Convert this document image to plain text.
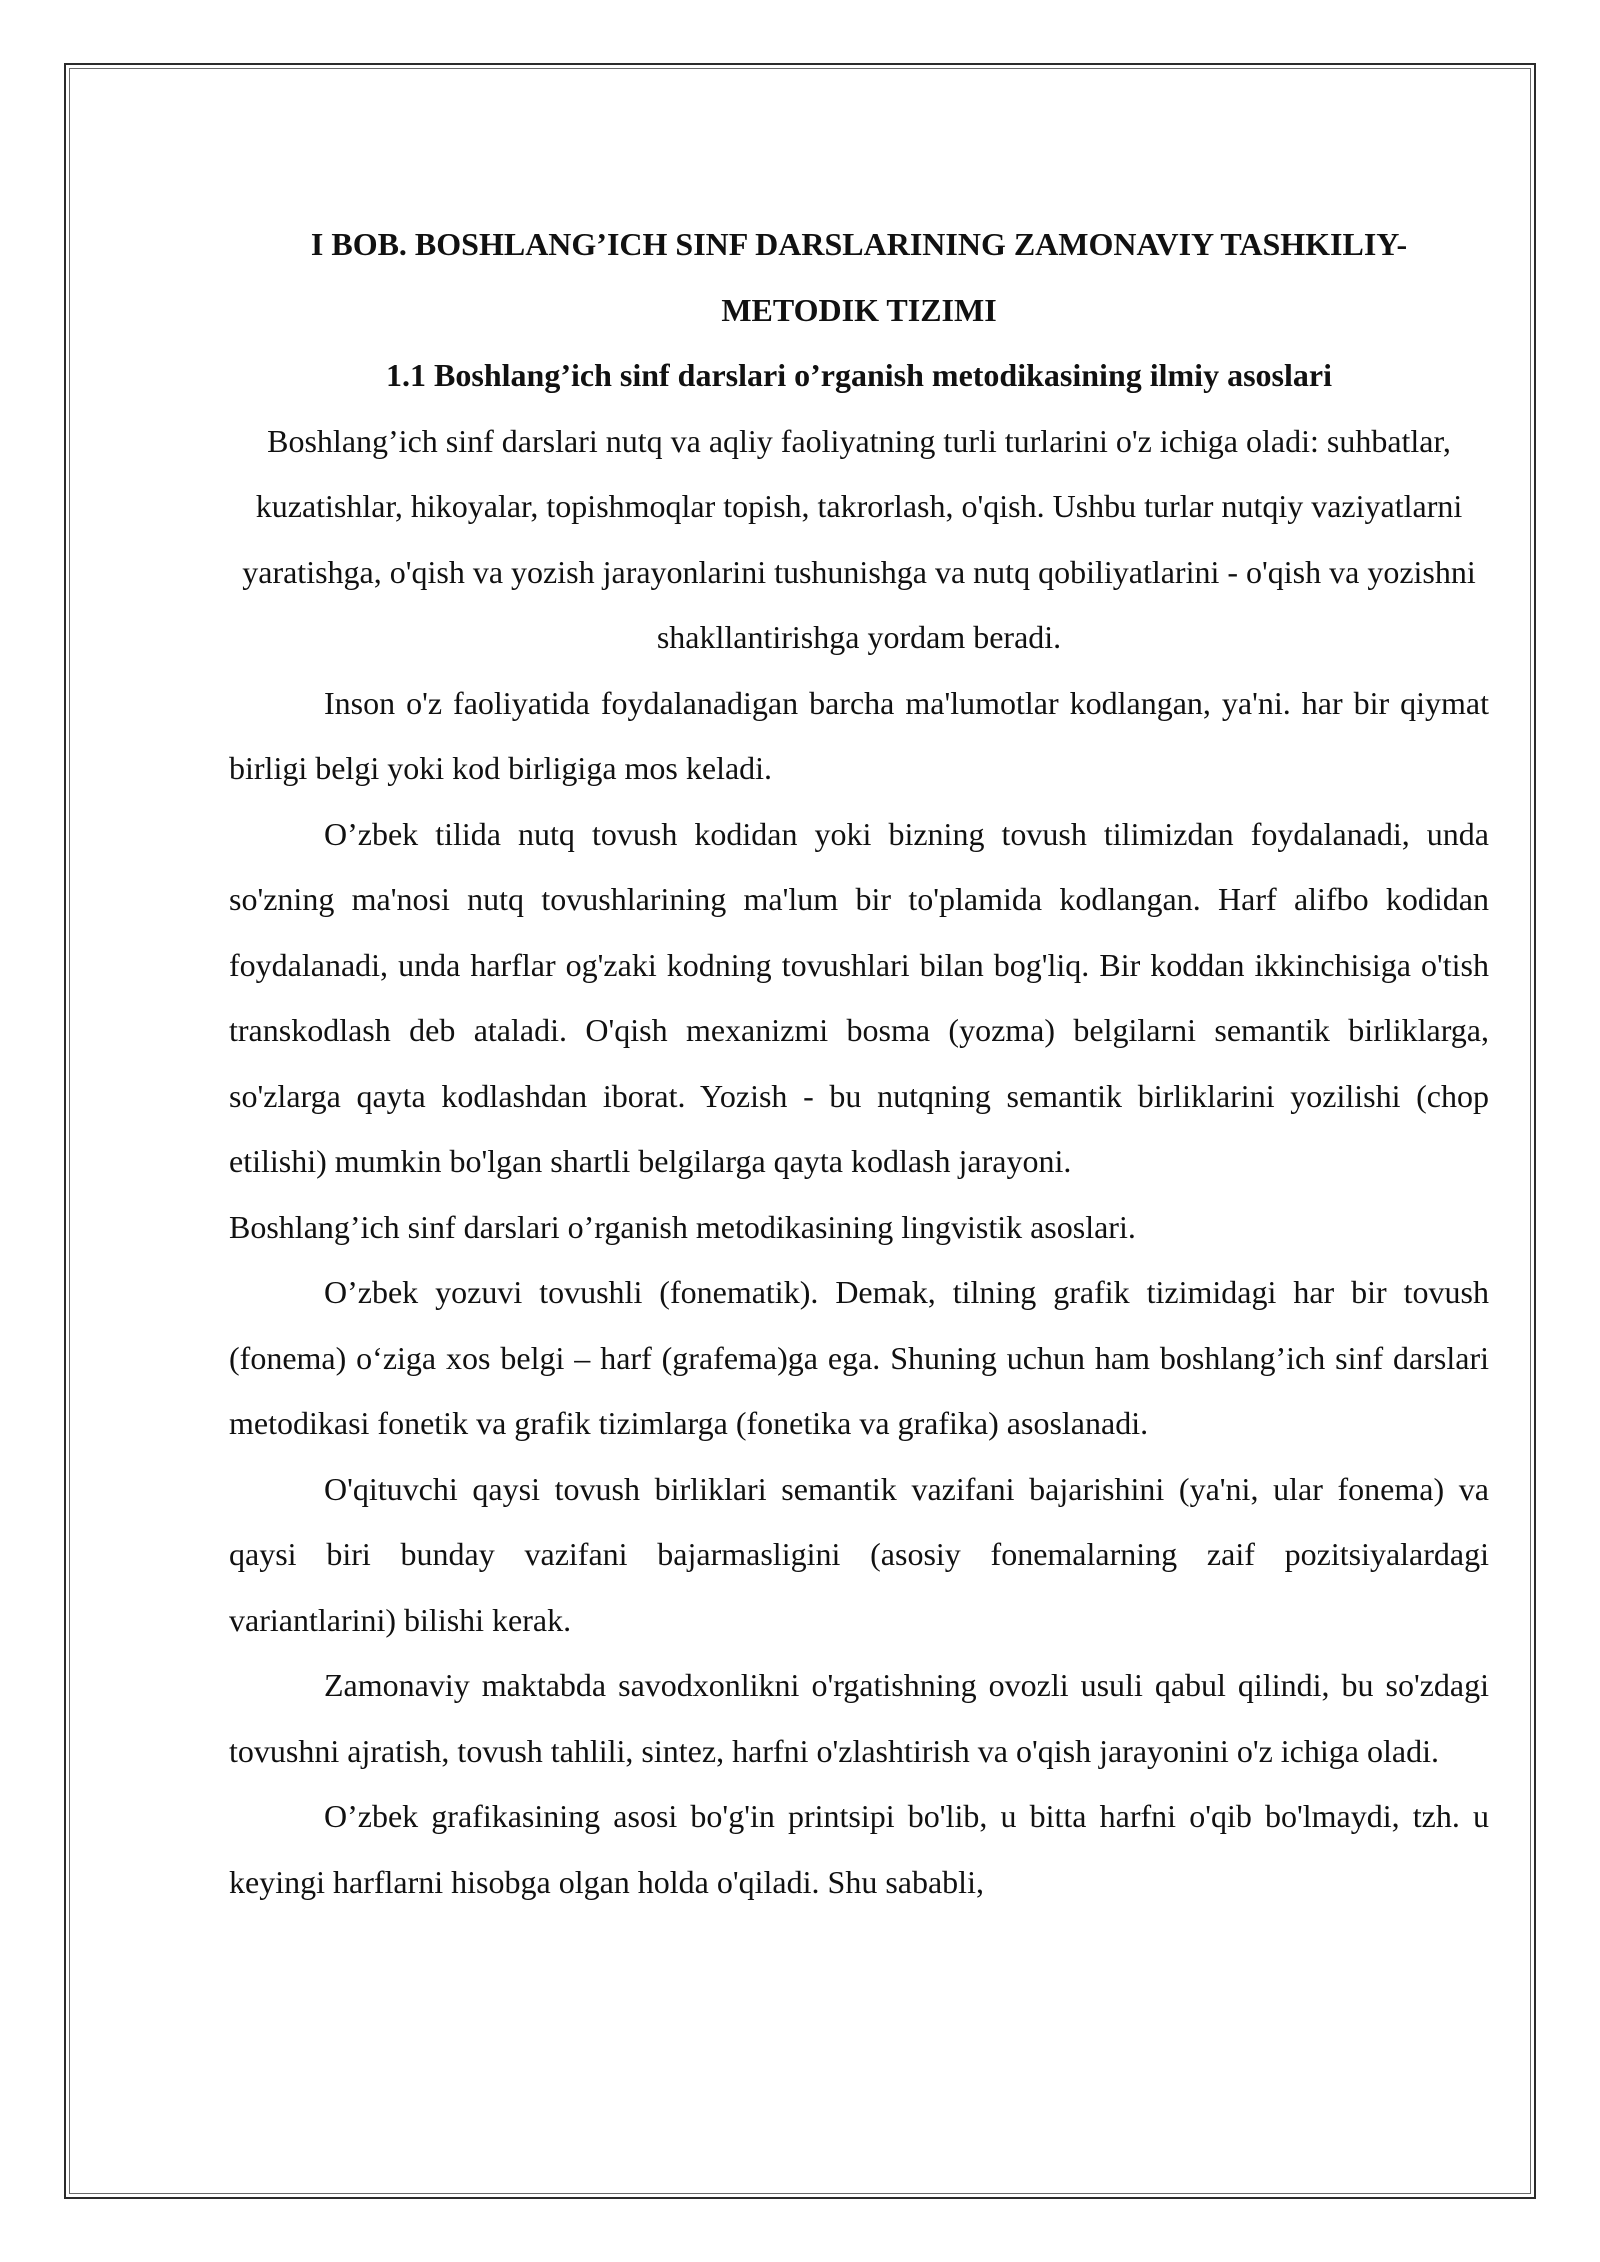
I BOB. BOSHLANG’ICH SINF DARSLARINING ZAMONAVIY TASHKILIY-METODIK TIZIMI

1.1 Boshlang’ich sinf darslari o’rganish metodikasining ilmiy asoslari

Boshlang’ich sinf darslari nutq va aqliy faoliyatning turli turlarini o'z ichiga oladi: suhbatlar, kuzatishlar, hikoyalar, topishmoqlar topish, takrorlash, o'qish. Ushbu turlar nutqiy vaziyatlarni yaratishga, o'qish va yozish jarayonlarini tushunishga va nutq qobiliyatlarini - o'qish va yozishni shakllantirishga yordam beradi.

Inson o'z faoliyatida foydalanadigan barcha ma'lumotlar kodlangan, ya'ni. har bir qiymat birligi belgi yoki kod birligiga mos keladi.

O’zbek tilida nutq tovush kodidan yoki bizning tovush tilimizdan foydalanadi, unda so'zning ma'nosi nutq tovushlarining ma'lum bir to'plamida kodlangan. Harf alifbo kodidan foydalanadi, unda harflar og'zaki kodning tovushlari bilan bog'liq. Bir koddan ikkinchisiga o'tish transkodlash deb ataladi. O'qish mexanizmi bosma (yozma) belgilarni semantik birliklarga, so'zlarga qayta kodlashdan iborat. Yozish - bu nutqning semantik birliklarini yozilishi (chop etilishi) mumkin bo'lgan shartli belgilarga qayta kodlash jarayoni.

Boshlang’ich sinf darslari o’rganish metodikasining lingvistik asoslari.

O’zbek yozuvi tovushli (fonematik). Demak, tilning grafik tizimidagi har bir tovush (fonema) o‘ziga xos belgi – harf (grafema)ga ega. Shuning uchun ham boshlang’ich sinf darslari metodikasi fonetik va grafik tizimlarga (fonetika va grafika) asoslanadi.

O'qituvchi qaysi tovush birliklari semantik vazifani bajarishini (ya'ni, ular fonema) va qaysi biri bunday vazifani bajarmasligini (asosiy fonemalarning zaif pozitsiyalardagi variantlarini) bilishi kerak.

Zamonaviy maktabda savodxonlikni o'rgatishning ovozli usuli qabul qilindi, bu so'zdagi tovushni ajratish, tovush tahlili, sintez, harfni o'zlashtirish va o'qish jarayonini o'z ichiga oladi.

O’zbek grafikasining asosi bo'g'in printsipi bo'lib, u bitta harfni o'qib bo'lmaydi, tzh. u keyingi harflarni hisobga olgan holda o'qiladi. Shu sababli,
